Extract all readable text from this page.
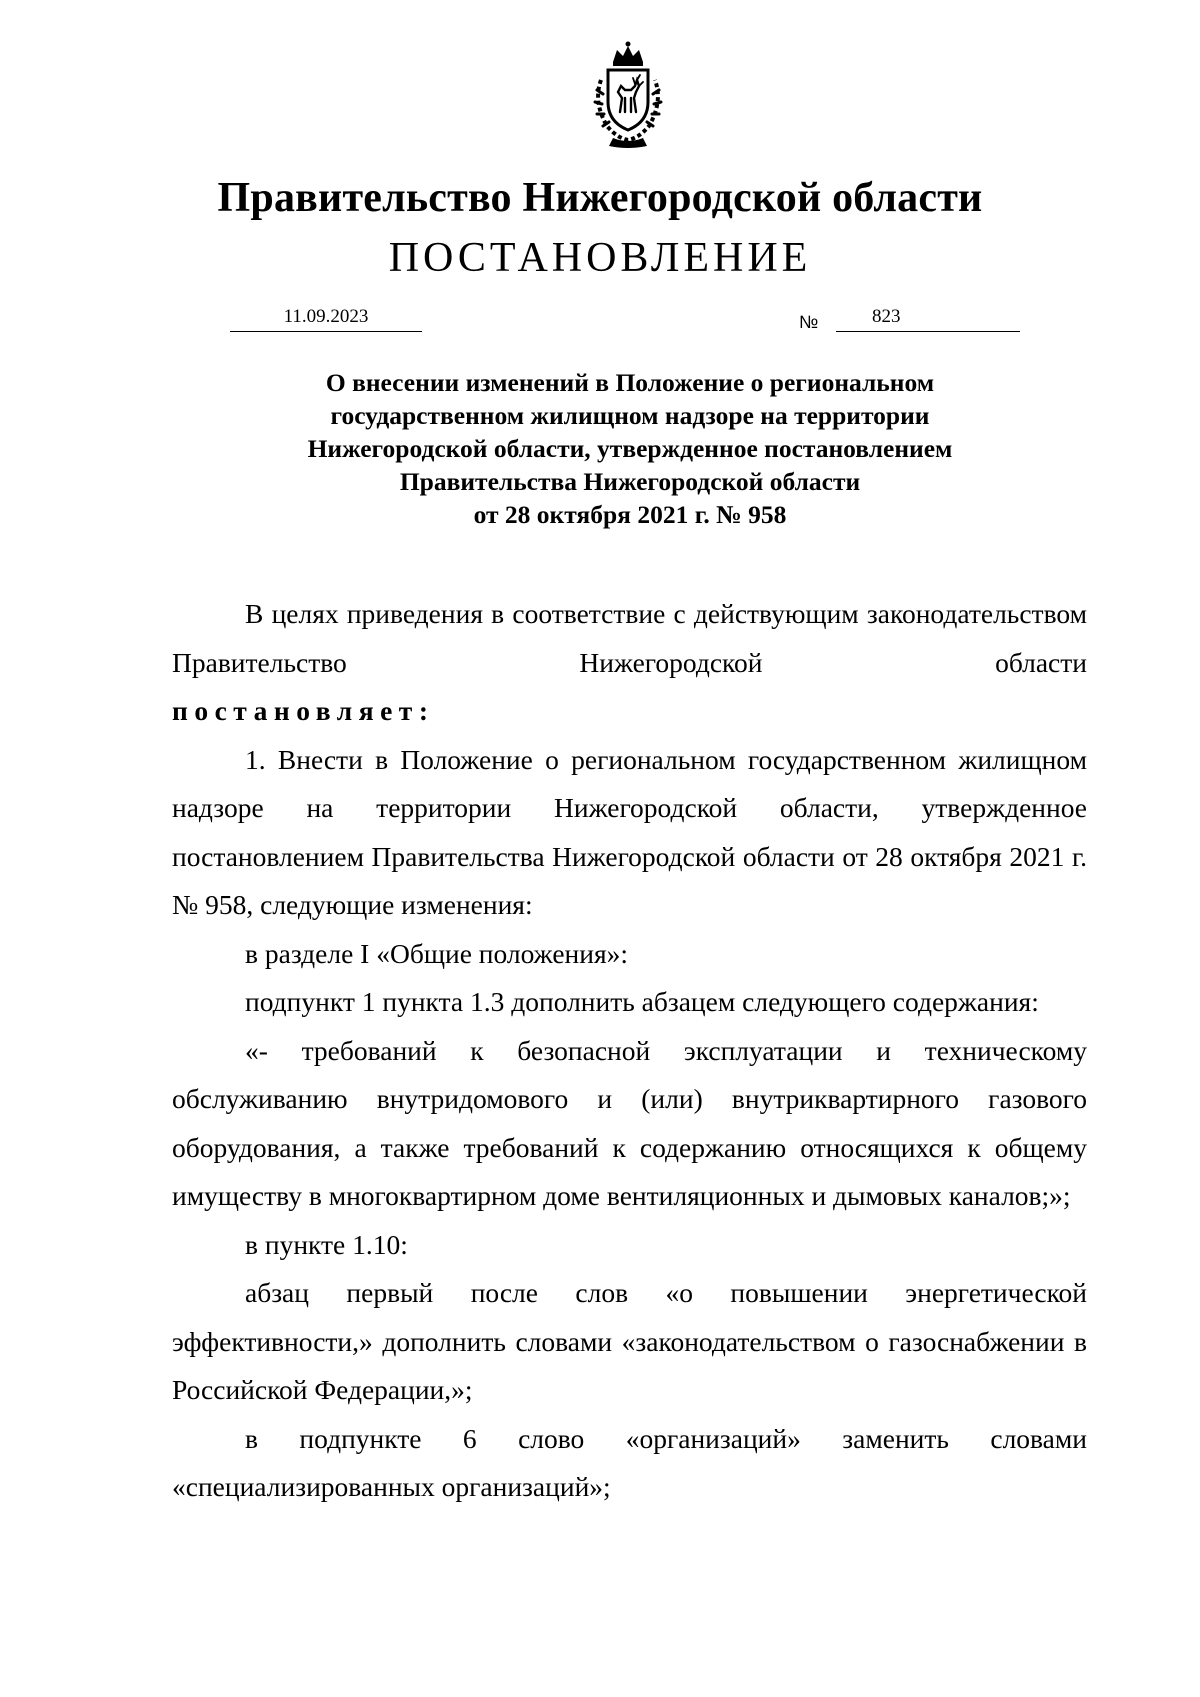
Правительство Нижегородской области
ПОСТАНОВЛЕНИЕ
11.09.2023	№	823
О внесении изменений в Положение о региональном
государственном жилищном надзоре на территории
Нижегородской области, утвержденное постановлением
Правительства Нижегородской области
от 28 октября 2021 г. № 958

В целях приведения в соответствие с действующим законодательством Правительство Нижегородской области

постановляет:

1. Внести в Положение о региональном государственном жилищном надзоре на территории Нижегородской области, утвержденное постановлением Правительства Нижегородской области от 28 октября 2021 г. № 958, следующие изменения:

в разделе I «Общие положения»:

подпункт 1 пункта 1.3 дополнить абзацем следующего содержания:

«- требований к безопасной эксплуатации и техническому обслуживанию внутридомового и (или) внутриквартирного газового оборудования, а также требований к содержанию относящихся к общему имуществу в многоквартирном доме вентиляционных и дымовых каналов;»;

в пункте 1.10:

абзац первый после слов «о повышении энергетической эффективности,» дополнить словами «законодательством о газоснабжении в Российской Федерации,»;

в подпункте 6 слово «организаций» заменить словами «специализированных организаций»;
